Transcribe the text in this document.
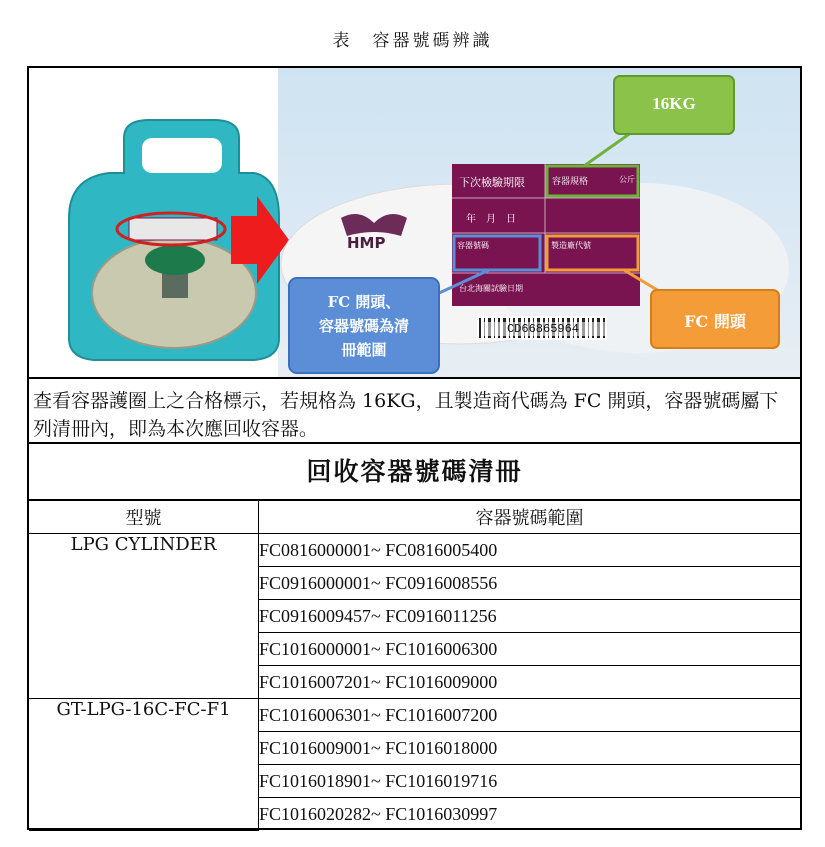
表　容器號碼辨識
HMP
16KG
FC 開頭、
容器號碼為清
冊範圍
FC 開頭
下次檢驗期限	容器規格	公斤
年　月　日
容器號碼	製造廠代號
台北海關試驗日期
CD66865964
查看容器護圈上之合格標示，若規格為 16KG，且製造商代碼為 FC 開頭，容器號碼屬下列清冊內，即為本次應回收容器。
回收容器號碼清冊
型號	容器號碼範圍
LPG CYLINDER	FC0816000001~ FC0816005400
	FC0916000001~ FC0916008556
	FC0916009457~ FC0916011256
	FC1016000001~ FC1016006300
	FC1016007201~ FC1016009000
GT-LPG-16C-FC-F1	FC1016006301~ FC1016007200
	FC1016009001~ FC1016018000
	FC1016018901~ FC1016019716
	FC1016020282~ FC1016030997
